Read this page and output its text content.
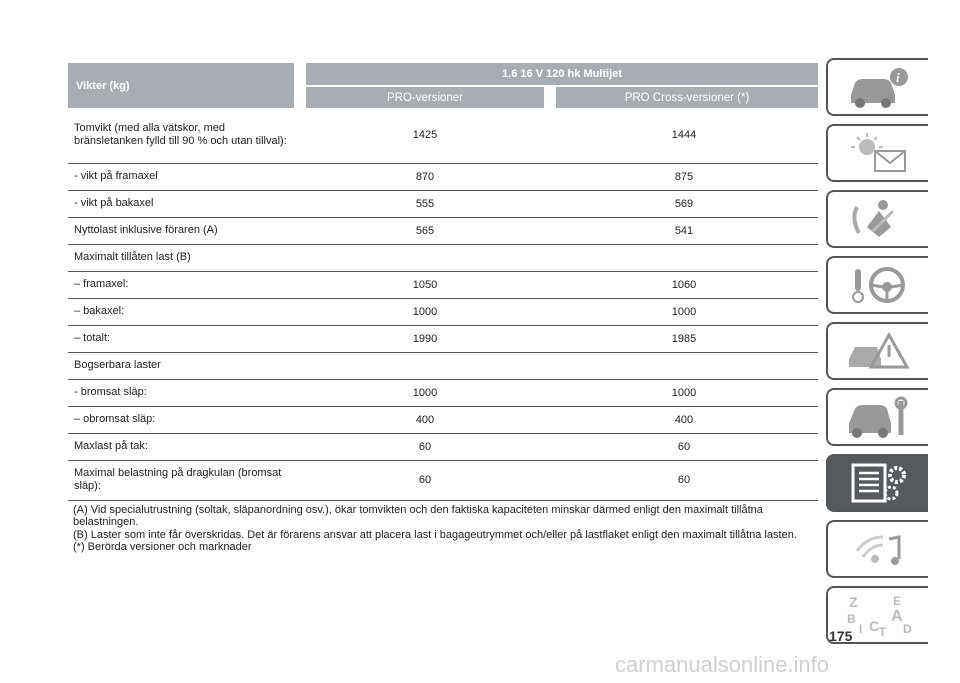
Vikter (kg)	1.6 16 V 120 hk Multijet	
	PRO-versioner	PRO Cross-versioner (*)
Tomvikt (med alla vätskor, med bränsletanken fylld till 90 % och utan tillval):	1425	1444
- vikt på framaxel	870	875
- vikt på bakaxel	555	569
Nyttolast inklusive föraren (A)	565	541
Maximalt tillåten last (B)		
– framaxel:	1050	1060
– bakaxel:	1000	1000
– totalt:	1990	1985
Bogserbara laster		
- bromsat släp:	1000	1000
– obromsat släp:	400	400
Maxlast på tak:	60	60
Maximal belastning på dragkulan (bromsat släp):	60	60

(A) Vid specialutrustning (soltak, släpanordning osv.), ökar tomvikten och den faktiska kapaciteten minskar därmed enligt den maximalt tillåtna belastningen.

(B) Laster som inte får överskridas. Det är förarens ansvar att placera last i bagageutrymmet och/eller på lastflaket enligt den maximalt tillåtna lasten.

(*) Berörda versioner och marknader

i
Z	E
B A
I C T D
175
carmanualsonline.info
